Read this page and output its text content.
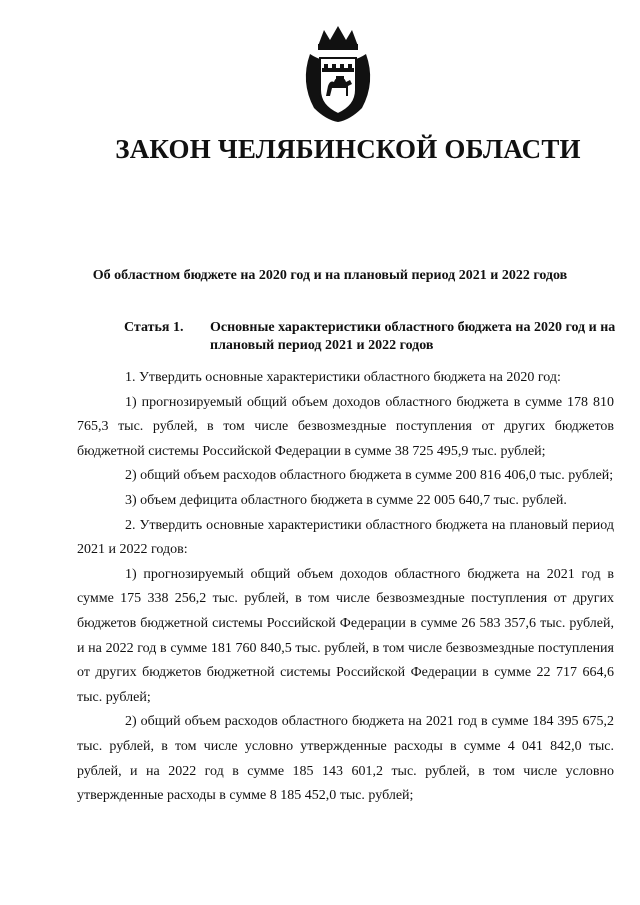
ЗАКОН ЧЕЛЯБИНСКОЙ ОБЛАСТИ
Об областном бюджете на 2020 год и на плановый период 2021 и 2022 годов
Статья 1.	Основные характеристики областного бюджета на 2020 год и на плановый период 2021 и 2022 годов

1. Утвердить основные характеристики областного бюджета на 2020 год:

1) прогнозируемый общий объем доходов областного бюджета в сумме 178 810 765,3 тыс. рублей, в том числе безвозмездные поступления от других бюджетов бюджетной системы Российской Федерации в сумме 38 725 495,9 тыс. рублей;

2) общий объем расходов областного бюджета в сумме 200 816 406,0 тыс. рублей;

3) объем дефицита областного бюджета в сумме 22 005 640,7 тыс. рублей.

2. Утвердить основные характеристики областного бюджета на плановый период 2021 и 2022 годов:

1) прогнозируемый общий объем доходов областного бюджета на 2021 год в сумме 175 338 256,2 тыс. рублей, в том числе безвозмездные поступления от других бюджетов бюджетной системы Российской Федерации в сумме 26 583 357,6 тыс. рублей, и на 2022 год в сумме 181 760 840,5 тыс. рублей, в том числе безвозмездные поступления от других бюджетов бюджетной системы Российской Федерации в сумме 22 717 664,6 тыс. рублей;

2) общий объем расходов областного бюджета на 2021 год в сумме 184 395 675,2 тыс. рублей, в том числе условно утвержденные расходы в сумме 4 041 842,0 тыс. рублей, и на 2022 год в сумме 185 143 601,2 тыс. рублей, в том числе условно утвержденные расходы в сумме 8 185 452,0 тыс. рублей;
